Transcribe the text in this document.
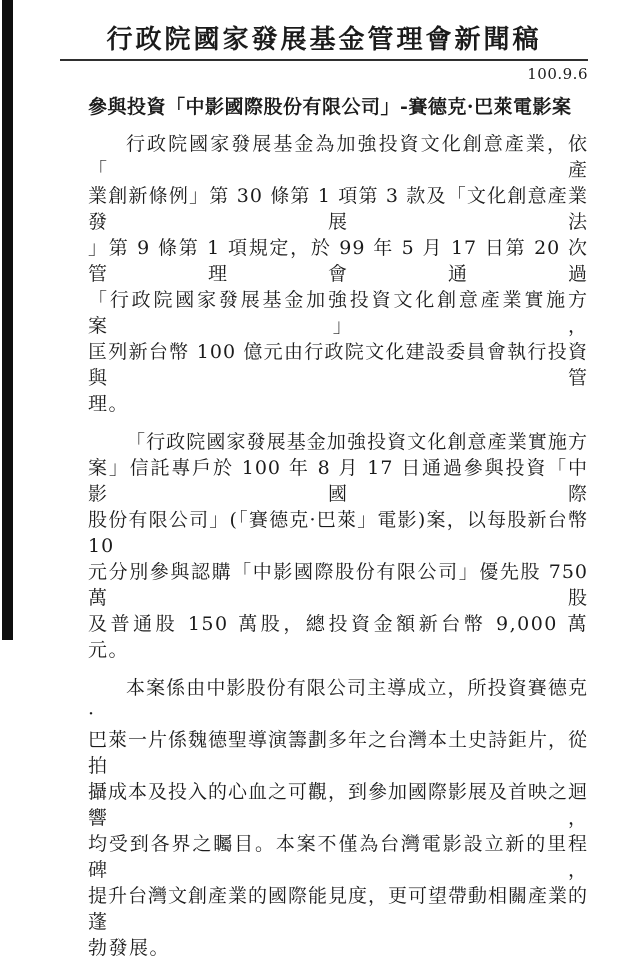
行政院國家發展基金管理會新聞稿
100.9.6
參與投資「中影國際股份有限公司」-賽德克·巴萊電影案
行政院國家發展基金為加強投資文化創意產業，依「產
業創新條例」第 30 條第 1 項第 3 款及「文化創意產業發展法
」第 9 條第 1 項規定，於 99 年 5 月 17 日第 20 次管理會通過
「行政院國家發展基金加強投資文化創意產業實施方案」，
匡列新台幣 100 億元由行政院文化建設委員會執行投資與管
理。
「行政院國家發展基金加強投資文化創意產業實施方
案」信託專戶於 100 年 8 月 17 日通過參與投資「中影國際
股份有限公司」(「賽德克·巴萊」電影)案，以每股新台幣 10
元分別參與認購「中影國際股份有限公司」優先股 750 萬股
及普通股 150 萬股，總投資金額新台幣 9,000 萬元。
本案係由中影股份有限公司主導成立，所投資賽德克·
巴萊一片係魏德聖導演籌劃多年之台灣本土史詩鉅片，從拍
攝成本及投入的心血之可觀，到參加國際影展及首映之迴響，
均受到各界之矚目。本案不僅為台灣電影設立新的里程碑，
提升台灣文創產業的國際能見度，更可望帶動相關產業的蓬
勃發展。
